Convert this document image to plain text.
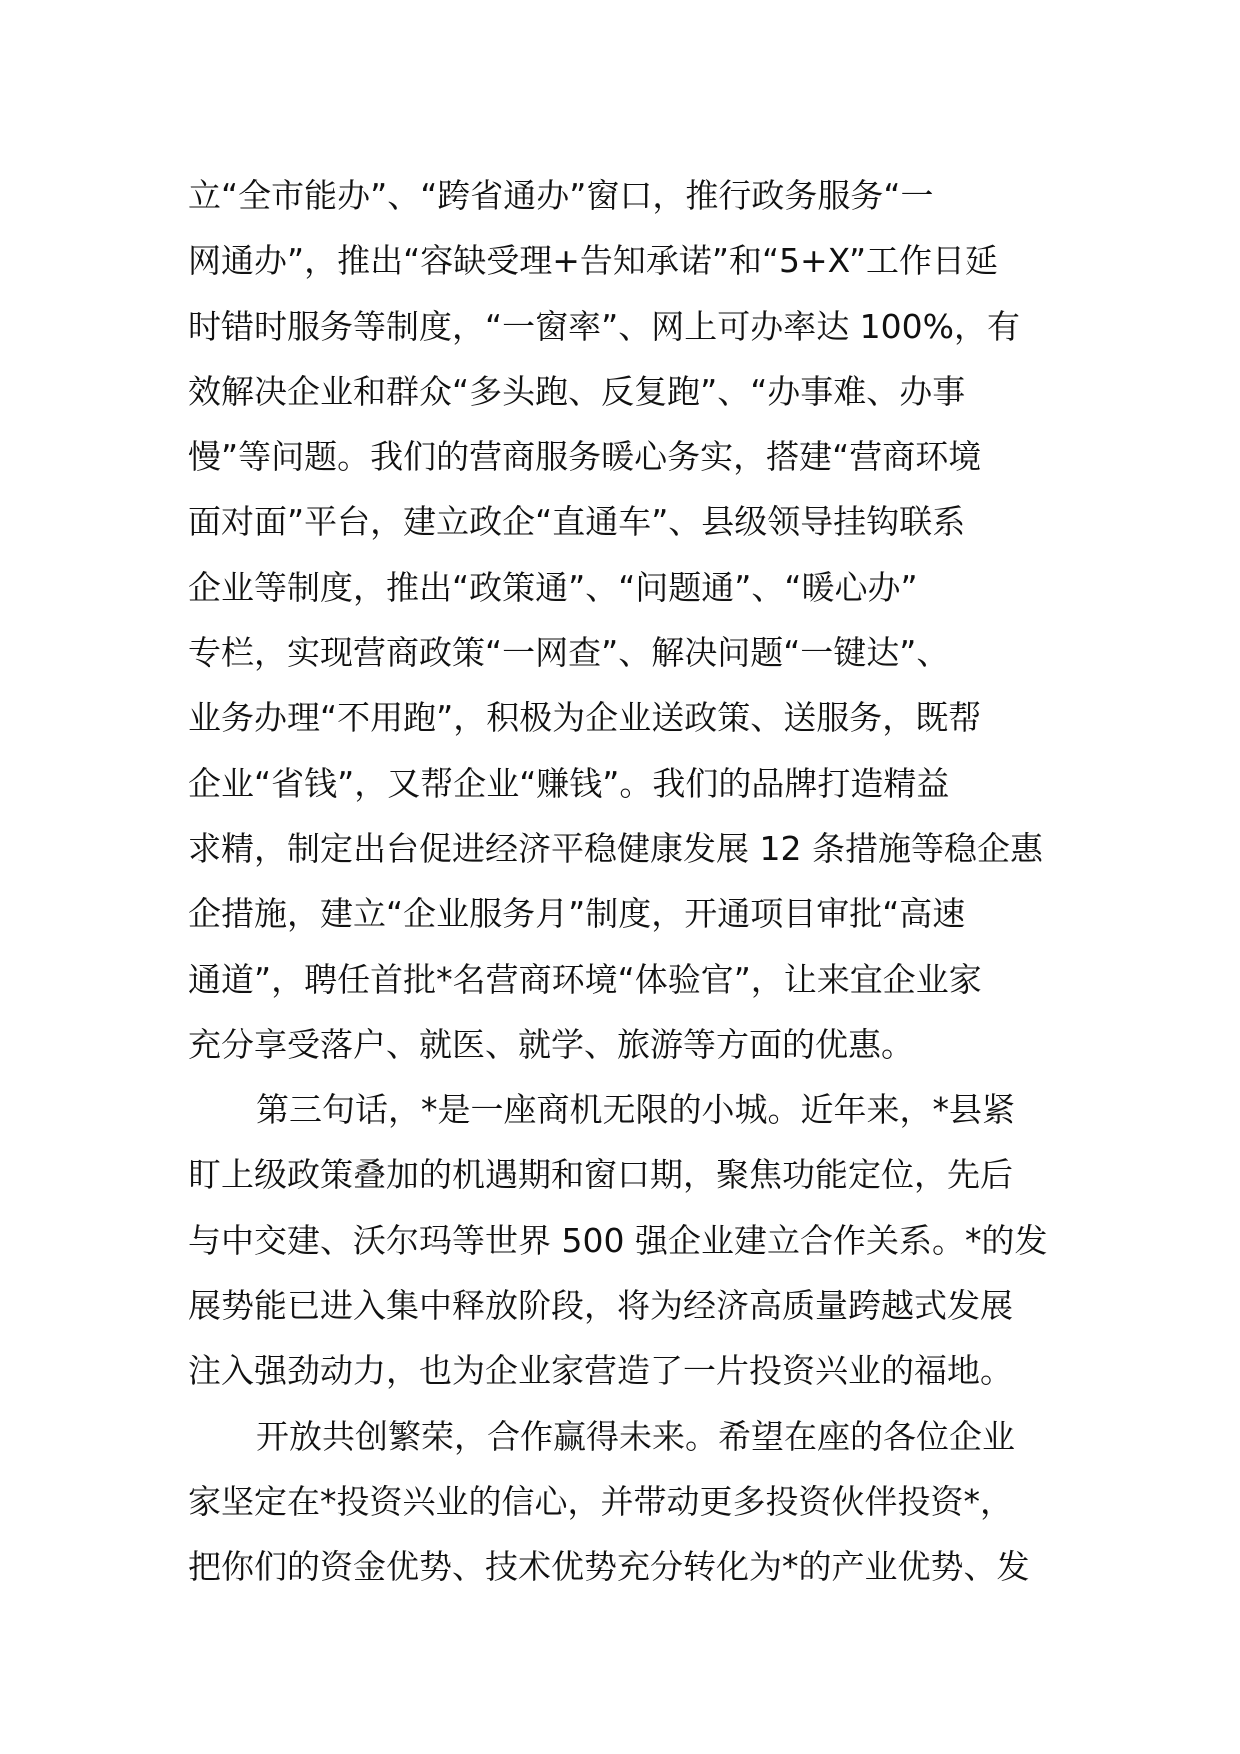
立“全市能办”、“跨省通办”窗口，推行政务服务“一
网通办”，推出“容缺受理+告知承诺”和“5+X”工作日延
时错时服务等制度，“一窗率”、网上可办率达 100%，有
效解决企业和群众“多头跑、反复跑”、“办事难、办事
慢”等问题。我们的营商服务暖心务实，搭建“营商环境
面对面”平台，建立政企“直通车”、县级领导挂钩联系
企业等制度，推出“政策通”、“问题通”、“暖心办”
专栏，实现营商政策“一网查”、解决问题“一键达”、
业务办理“不用跑”，积极为企业送政策、送服务，既帮
企业“省钱”，又帮企业“赚钱”。我们的品牌打造精益
求精，制定出台促进经济平稳健康发展 12 条措施等稳企惠
企措施，建立“企业服务月”制度，开通项目审批“高速
通道”，聘任首批*名营商环境“体验官”，让来宜企业家
充分享受落户、就医、就学、旅游等方面的优惠。
第三句话，*是一座商机无限的小城。近年来，*县紧
盯上级政策叠加的机遇期和窗口期，聚焦功能定位，先后
与中交建、沃尔玛等世界 500 强企业建立合作关系。*的发
展势能已进入集中释放阶段，将为经济高质量跨越式发展
注入强劲动力，也为企业家营造了一片投资兴业的福地。
开放共创繁荣，合作赢得未来。希望在座的各位企业
家坚定在*投资兴业的信心，并带动更多投资伙伴投资*，
把你们的资金优势、技术优势充分转化为*的产业优势、发
